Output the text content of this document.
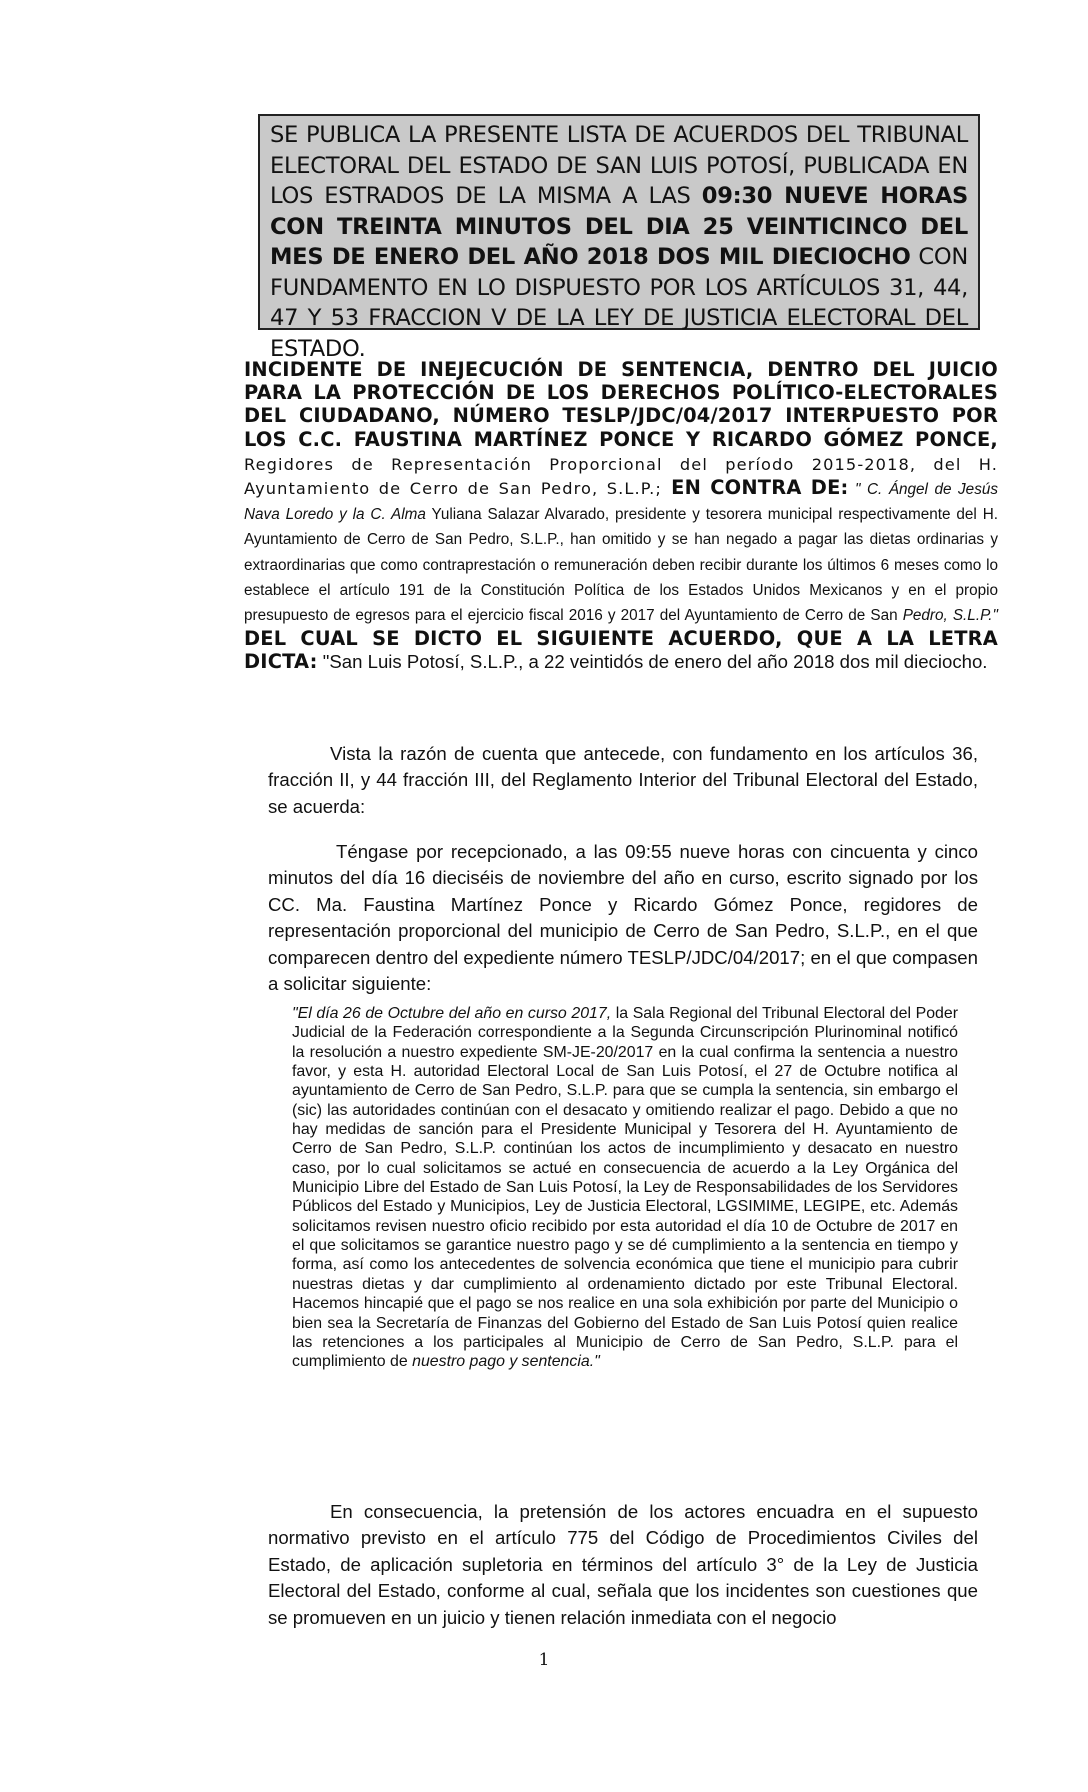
SE PUBLICA LA PRESENTE LISTA DE ACUERDOS DEL TRIBUNAL ELECTORAL DEL ESTADO DE SAN LUIS POTOSÍ, PUBLICADA EN LOS ESTRADOS DE LA MISMA A LAS 09:30 NUEVE HORAS CON TREINTA MINUTOS DEL DIA 25 VEINTICINCO DEL MES DE ENERO DEL AÑO 2018 DOS MIL DIECIOCHO CON FUNDAMENTO EN LO DISPUESTO POR LOS ARTÍCULOS 31, 44, 47 Y 53 FRACCION V DE LA LEY DE JUSTICIA ELECTORAL DEL ESTADO.
INCIDENTE DE INEJECUCIÓN DE SENTENCIA, DENTRO DEL JUICIO PARA LA PROTECCIÓN DE LOS DERECHOS POLÍTICO-ELECTORALES DEL CIUDADANO, NÚMERO TESLP/JDC/04/2017 INTERPUESTO POR LOS C.C. FAUSTINA MARTÍNEZ PONCE Y RICARDO GÓMEZ PONCE, Regidores de Representación Proporcional del período 2015-2018, del H. Ayuntamiento de Cerro de San Pedro, S.L.P.; EN CONTRA DE: " C. Ángel de Jesús Nava Loredo y la C. Alma Yuliana Salazar Alvarado, presidente y tesorera municipal respectivamente del H. Ayuntamiento de Cerro de San Pedro, S.L.P., han omitido y se han negado a pagar las dietas ordinarias y extraordinarias que como contraprestación o remuneración deben recibir durante los últimos 6 meses como lo establece el artículo 191 de la Constitución Política de los Estados Unidos Mexicanos y en el propio presupuesto de egresos para el ejercicio fiscal 2016 y 2017 del Ayuntamiento de Cerro de San Pedro, S.L.P." DEL CUAL SE DICTO EL SIGUIENTE ACUERDO, QUE A LA LETRA DICTA: "San Luis Potosí, S.L.P., a 22 veintidós de enero del año 2018 dos mil dieciocho.

Vista la razón de cuenta que antecede, con fundamento en los artículos 36, fracción II, y 44 fracción III, del Reglamento Interior del Tribunal Electoral del Estado, se acuerda:

Téngase por recepcionado, a las 09:55 nueve horas con cincuenta y cinco minutos del día 16 dieciséis de noviembre del año en curso, escrito signado por los CC. Ma. Faustina Martínez Ponce y Ricardo Gómez Ponce, regidores de representación proporcional del municipio de Cerro de San Pedro, S.L.P., en el que comparecen dentro del expediente número TESLP/JDC/04/2017; en el que compasen a solicitar siguiente:

"El día 26 de Octubre del año en curso 2017, la Sala Regional del Tribunal Electoral del Poder Judicial de la Federación correspondiente a la Segunda Circunscripción Plurinominal notificó la resolución a nuestro expediente SM-JE-20/2017 en la cual confirma la sentencia a nuestro favor, y esta H. autoridad Electoral Local de San Luis Potosí, el 27 de Octubre notifica al ayuntamiento de Cerro de San Pedro, S.L.P. para que se cumpla la sentencia, sin embargo el (sic) las autoridades continúan con el desacato y omitiendo realizar el pago. Debido a que no hay medidas de sanción para el Presidente Municipal y Tesorera del H. Ayuntamiento de Cerro de San Pedro, S.L.P. continúan los actos de incumplimiento y desacato en nuestro caso, por lo cual solicitamos se actué en consecuencia de acuerdo a la Ley Orgánica del Municipio Libre del Estado de San Luis Potosí, la Ley de Responsabilidades de los Servidores Públicos del Estado y Municipios, Ley de Justicia Electoral, LGSIMIME, LEGIPE, etc. Además solicitamos revisen nuestro oficio recibido por esta autoridad el día 10 de Octubre de 2017 en el que solicitamos se garantice nuestro pago y se dé cumplimiento a la sentencia en tiempo y forma, así como los antecedentes de solvencia económica que tiene el municipio para cubrir nuestras dietas y dar cumplimiento al ordenamiento dictado por este Tribunal Electoral. Hacemos hincapié que el pago se nos realice en una sola exhibición por parte del Municipio o bien sea la Secretaría de Finanzas del Gobierno del Estado de San Luis Potosí quien realice las retenciones a los participales al Municipio de Cerro de San Pedro, S.L.P. para el cumplimiento de nuestro pago y sentencia."

En consecuencia, la pretensión de los actores encuadra en el supuesto normativo previsto en el artículo 775 del Código de Procedimientos Civiles del Estado, de aplicación supletoria en términos del artículo 3° de la Ley de Justicia Electoral del Estado, conforme al cual, señala que los incidentes son cuestiones que se promueven en un juicio y tienen relación inmediata con el negocio

1
